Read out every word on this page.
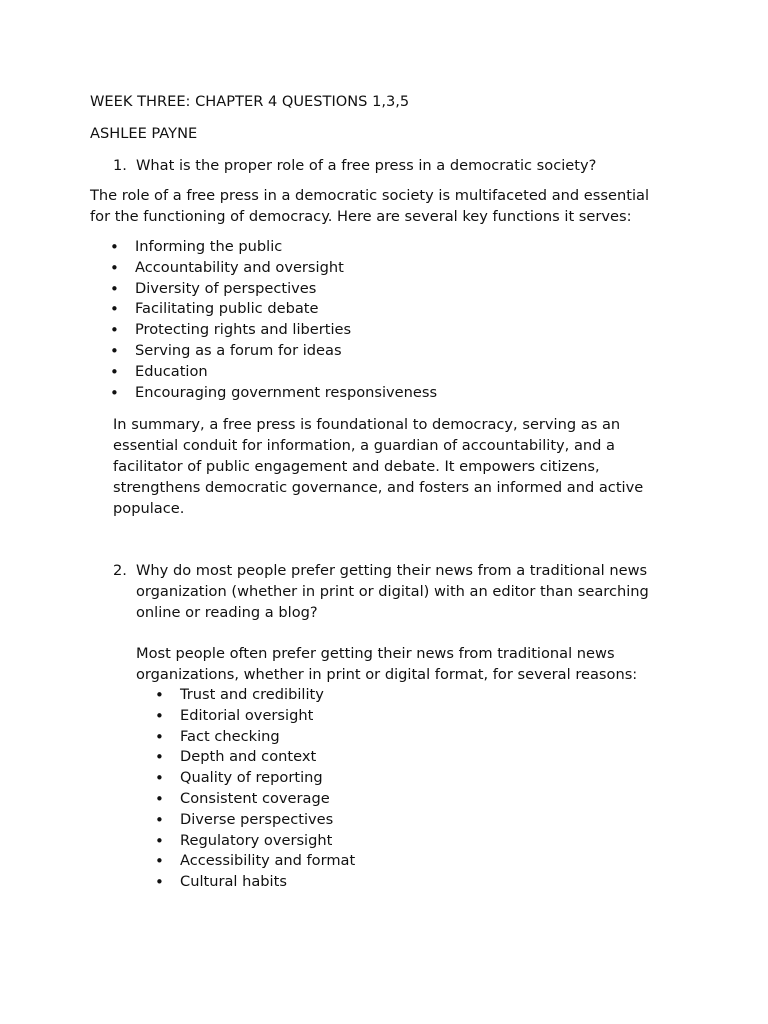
WEEK THREE: CHAPTER 4 QUESTIONS 1,3,5
ASHLEE PAYNE
1. What is the proper role of a free press in a democratic society?
The role of a free press in a democratic society is multifaceted and essential
for the functioning of democracy. Here are several key functions it serves:
• Informing the public
• Accountability and oversight
• Diversity of perspectives
• Facilitating public debate
• Protecting rights and liberties
• Serving as a forum for ideas
• Education
• Encouraging government responsiveness
In summary, a free press is foundational to democracy, serving as an
essential conduit for information, a guardian of accountability, and a
facilitator of public engagement and debate. It empowers citizens,
strengthens democratic governance, and fosters an informed and active
populace.
2. Why do most people prefer getting their news from a traditional news
organization (whether in print or digital) with an editor than searching
online or reading a blog?
Most people often prefer getting their news from traditional news
organizations, whether in print or digital format, for several reasons:
• Trust and credibility
• Editorial oversight
• Fact checking
• Depth and context
• Quality of reporting
• Consistent coverage
• Diverse perspectives
• Regulatory oversight
• Accessibility and format
• Cultural habits
